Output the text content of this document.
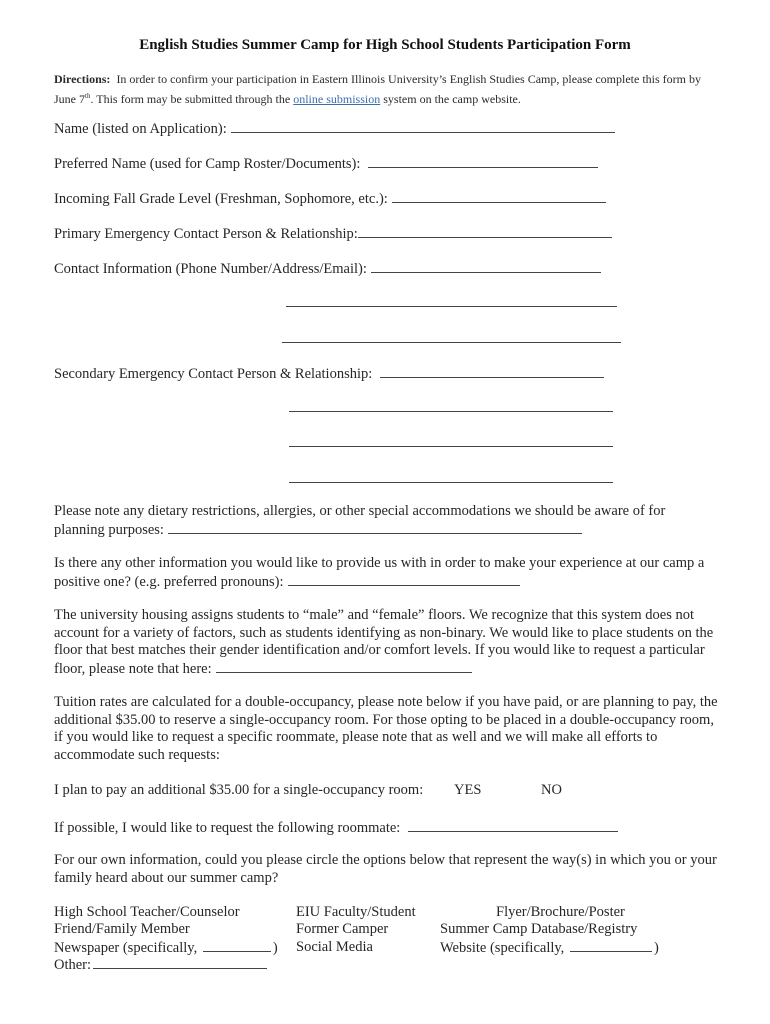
English Studies Summer Camp for High School Students Participation Form
Directions: In order to confirm your participation in Eastern Illinois University’s English Studies Camp, please complete this form by June 7th. This form may be submitted through the online submission system on the camp website.
Name (listed on Application):
Preferred Name (used for Camp Roster/Documents):
Incoming Fall Grade Level (Freshman, Sophomore, etc.):
Primary Emergency Contact Person & Relationship:
Contact Information (Phone Number/Address/Email):
Secondary Emergency Contact Person & Relationship:
Please note any dietary restrictions, allergies, or other special accommodations we should be aware of for planning purposes:
Is there any other information you would like to provide us with in order to make your experience at our camp a positive one? (e.g. preferred pronouns):
The university housing assigns students to “male” and “female” floors. We recognize that this system does not account for a variety of factors, such as students identifying as non-binary. We would like to place students on the floor that best matches their gender identification and/or comfort levels. If you would like to request a particular floor, please note that here:
Tuition rates are calculated for a double-occupancy, please note below if you have paid, or are planning to pay, the additional $35.00 to reserve a single-occupancy room. For those opting to be placed in a double-occupancy room, if you would like to request a specific roommate, please note that as well and we will make all efforts to accommodate such requests:
I plan to pay an additional $35.00 for a single-occupancy room: YES	NO
If possible, I would like to request the following roommate:
For our own information, could you please circle the options below that represent the way(s) in which you or your family heard about our summer camp?
High School Teacher/Counselor
Friend/Family Member
Newspaper (specifically,	)
Other:
EIU Faculty/Student
Former Camper
Social Media
Flyer/Brochure/Poster
Summer Camp Database/Registry
Website (specifically,	)
